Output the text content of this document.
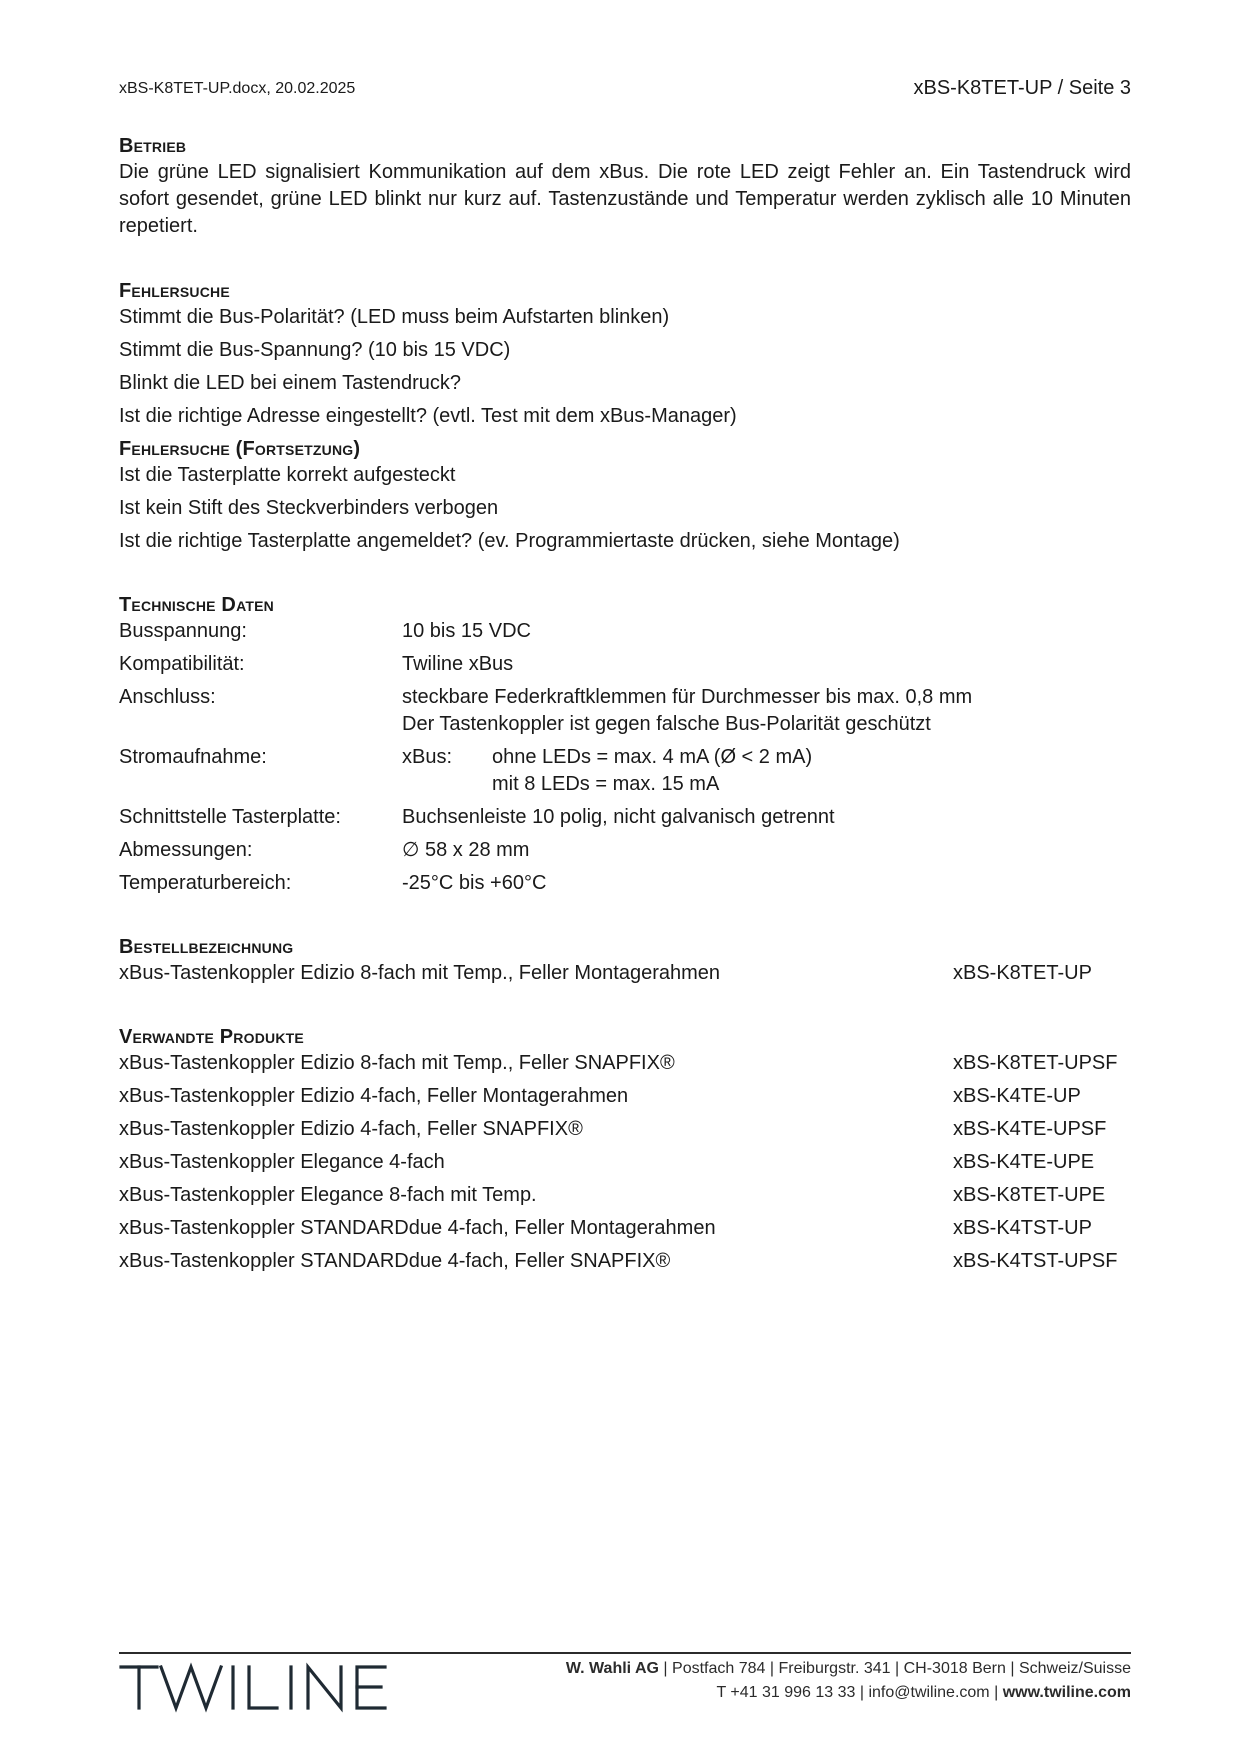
xBS-K8TET-UP.docx, 20.02.2025	xBS-K8TET-UP / Seite 3
Betrieb
Die grüne LED signalisiert Kommunikation auf dem xBus. Die rote LED zeigt Fehler an. Ein Tastendruck wird sofort gesendet, grüne LED blinkt nur kurz auf. Tastenzustände und Temperatur werden zyklisch alle 10 Minuten repetiert.
Fehlersuche
Stimmt die Bus-Polarität? (LED muss beim Aufstarten blinken)
Stimmt die Bus-Spannung? (10 bis 15 VDC)
Blinkt die LED bei einem Tastendruck?
Ist die richtige Adresse eingestellt? (evtl. Test mit dem xBus-Manager)
Fehlersuche (Fortsetzung)
Ist die Tasterplatte korrekt aufgesteckt
Ist kein Stift des Steckverbinders verbogen
Ist die richtige Tasterplatte angemeldet? (ev. Programmiertaste drücken, siehe Montage)
Technische Daten
Busspannung:	10 bis 15 VDC
Kompatibilität:	Twiline xBus
Anschluss:	steckbare Federkraftklemmen für Durchmesser bis max. 0,8 mm
Der Tastenkoppler ist gegen falsche Bus-Polarität geschützt
Stromaufnahme:	xBus:	ohne LEDs = max. 4 mA (Ø < 2 mA)
mit 8 LEDs = max. 15 mA
Schnittstelle Tasterplatte:	Buchsenleiste 10 polig, nicht galvanisch getrennt
Abmessungen:	∅ 58 x 28 mm
Temperaturbereich:	-25°C bis +60°C
Bestellbezeichnung
xBus-Tastenkoppler Edizio 8-fach mit Temp., Feller Montagerahmen	xBS-K8TET-UP
Verwandte Produkte
xBus-Tastenkoppler Edizio 8-fach mit Temp., Feller SNAPFIX®	xBS-K8TET-UPSF
xBus-Tastenkoppler Edizio 4-fach, Feller Montagerahmen	xBS-K4TE-UP
xBus-Tastenkoppler Edizio 4-fach, Feller SNAPFIX®	xBS-K4TE-UPSF
xBus-Tastenkoppler Elegance 4-fach	xBS-K4TE-UPE
xBus-Tastenkoppler Elegance 8-fach mit Temp.	xBS-K8TET-UPE
xBus-Tastenkoppler STANDARDdue 4-fach, Feller Montagerahmen	xBS-K4TST-UP
xBus-Tastenkoppler STANDARDdue 4-fach, Feller SNAPFIX®	xBS-K4TST-UPSF
W. Wahli AG | Postfach 784 | Freiburgstr. 341 | CH-3018 Bern | Schweiz/Suisse
T +41 31 996 13 33 | info@twiline.com | www.twiline.com
